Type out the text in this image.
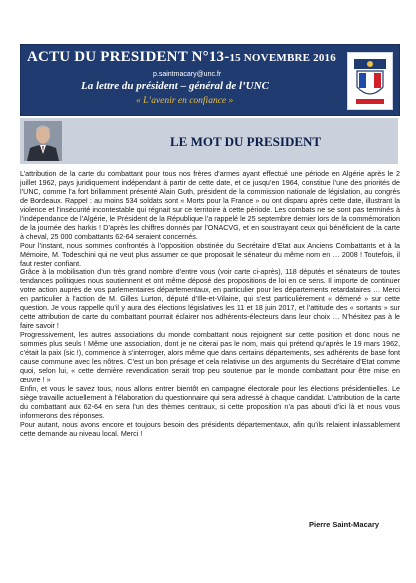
ACTU DU PRESIDENT N°13-15 NOVEMBRE 2016
p.saintmacary@unc.fr
La lettre du président – général de l’UNC
« L’avenir en confiance »
LE MOT DU PRESIDENT

L’attribution de la carte du combattant pour tous nos frères d’armes ayant effectué une période en Algérie après le 2 juillet 1962, pays juridiquement indépendant à partir de cette date, et ce jusqu’en 1964, constitue l’une des priorités de l’UNC, comme l’a fort brillamment présenté Alain Guth, président de la commission nationale de législation, au congrès de Bordeaux. Rappel : au moins 534 soldats sont « Morts pour la France » ou ont disparu après cette date, illustrant la violence et l’insécurité incontestable qui régnait sur ce territoire à cette période. Les combats ne se sont pas terminés à l’indépendance de l’Algérie, le Président de la République l’a rappelé le 25 septembre dernier lors de la commémoration de la journée des harkis ! D’après les chiffres donnés par l’ONACVG, et en soustrayant ceux qui bénéficient de la carte à cheval, 25 000 combattants 62-64 seraient concernés.

Pour l’instant, nous sommes confrontés à l’opposition obstinée du Secrétaire d’Etat aux Anciens Combattants et à la Mémoire, M. Todeschini qui ne veut plus assumer ce que proposait le sénateur du même nom en … 2008 ! Toutefois, il faut rester confiant.

Grâce à la mobilisation d’un très grand nombre d’entre vous (voir carte ci-après), 118 députés et sénateurs de toutes tendances politiques nous soutiennent et ont même déposé des propositions de loi en ce sens. Il importe de continuer votre action auprès de vos parlementaires départementaux, en particulier pour les départements retardataires … Merci en particulier à l’action de M. Gilles Lurton, député d’Ille-et-Vilaine, qui s’est particulièrement « démené » sur cette question. Je vous rappelle qu’il y aura des élections législatives les 11 et 18 juin 2017, et l’attitude des « sortants » sur cette attribution de carte du combattant pourrait éclairer nos adhérents-électeurs dans leur choix … N’hésitez pas à le faire savoir !

Progressivement, les autres associations du monde combattant nous rejoignent sur cette position et donc nous ne sommes plus seuls ! Même une association, dont je ne citerai pas le nom, mais qui prétend qu’après le 19 mars 1962, c’était la paix (sic !), commence à s’interroger, alors même que dans certains départements, ses adhérents de base font cause commune avec les nôtres. C’est un bon présage et cela relativise un des arguments du Secrétaire d’Etat comme quoi, selon lui, « cette dernière revendication serait trop peu soutenue par le monde combattant pour être mise en œuvre ! »

Enfin, et vous le savez tous, nous allons entrer bientôt en campagne électorale pour les élections présidentielles. Le siège travaille actuellement à l’élaboration du questionnaire qui sera adressé à chaque candidat. L’attribution de la carte du combattant aux 62-64 en sera l’un des thèmes centraux, si cette proposition n’a pas abouti d’ici là et nous vous informerons des réponses.

Pour autant, nous avons encore et toujours besoin des présidents départementaux, afin qu’ils relaient inlassablement cette demande au niveau local. Merci !

Pierre Saint-Macary
